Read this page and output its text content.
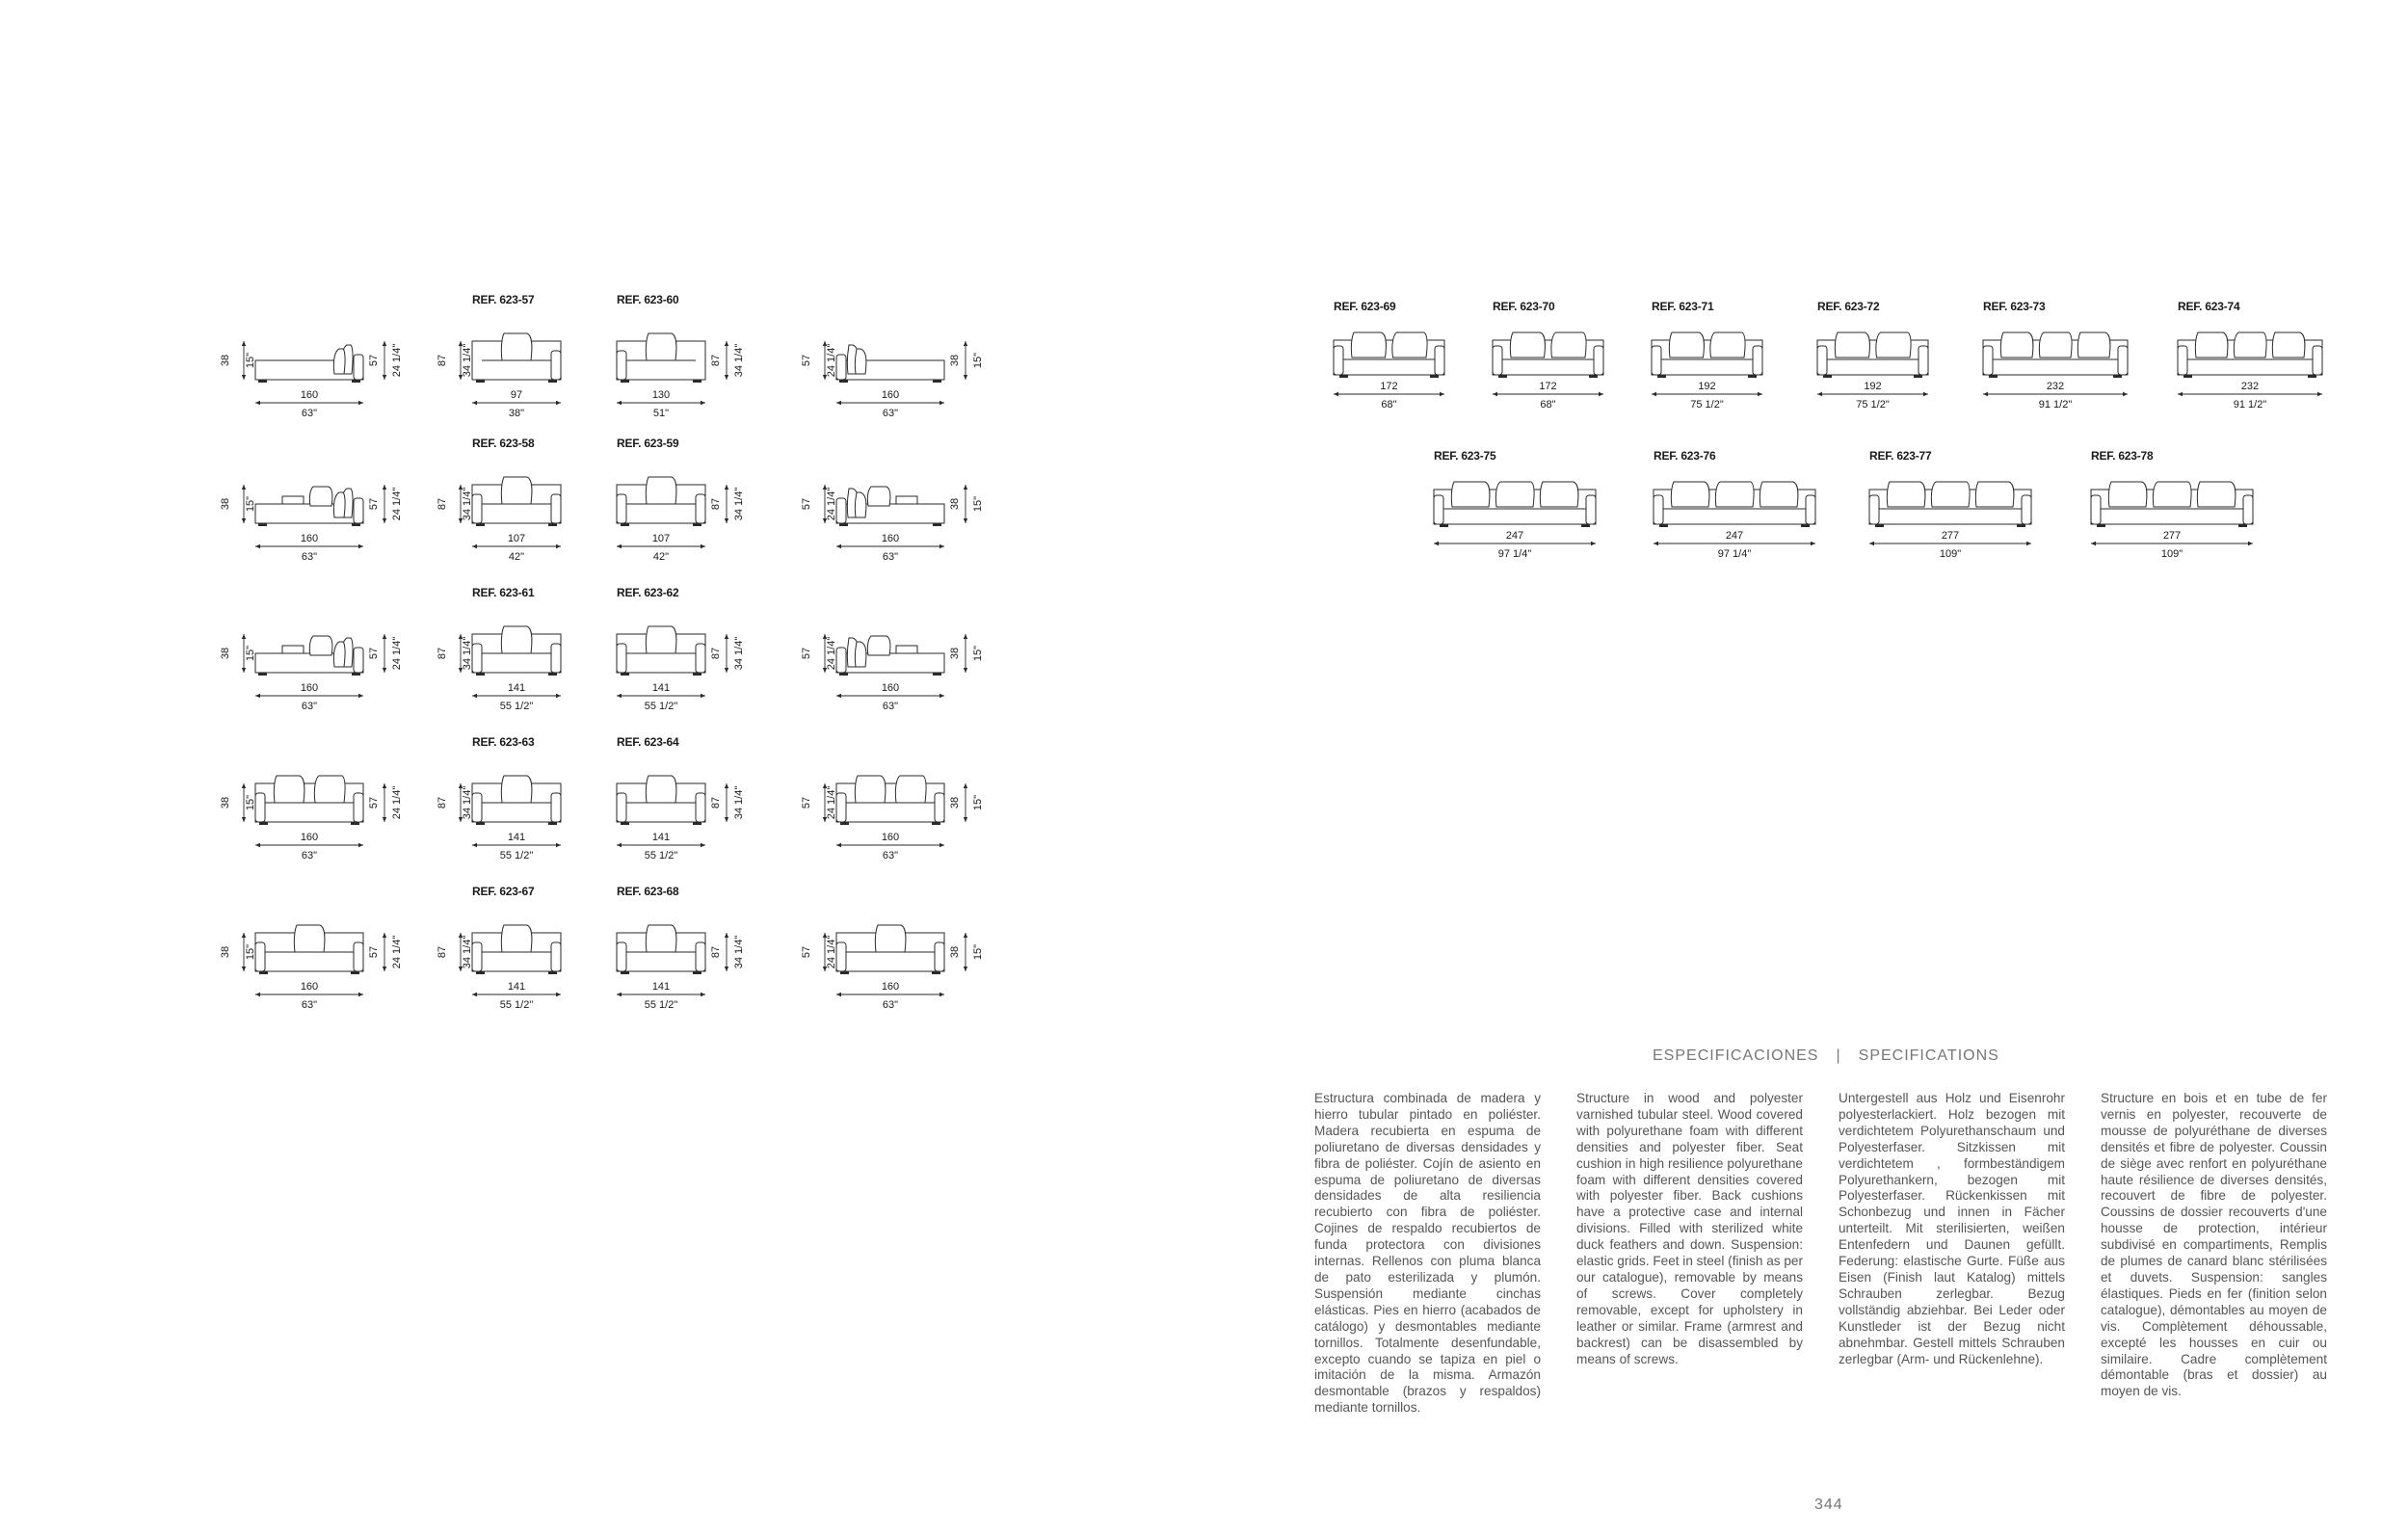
160
63"
38 15"	57 24 1/4"
REF. 623-57
97
38"
87 34 1/4"
REF. 623-60
130
51"
87 34 1/4"
160
63"
57 24 1/4"	38 15"
160
63"
38 15"	57 24 1/4"
REF. 623-58
107
42"
87 34 1/4"
REF. 623-59
107
42"
87 34 1/4"
160
63"
57 24 1/4"	38 15"
160
63"
38 15"	57 24 1/4"
REF. 623-61
141
55 1/2"
87 34 1/4"
REF. 623-62
141
55 1/2"
87 34 1/4"
160
63"
57 24 1/4"	38 15"
160
63"
38 15"	57 24 1/4"
REF. 623-63
141
55 1/2"
87 34 1/4"
REF. 623-64
141
55 1/2"
87 34 1/4"
160
63"
57 24 1/4"	38 15"
160
63"
38 15"	57 24 1/4"
REF. 623-67
141
55 1/2"
87 34 1/4"
REF. 623-68
141
55 1/2"
87 34 1/4"
160
63"
57 24 1/4"	38 15"
REF. 623-69
172
68"
REF. 623-70
172
68"
REF. 623-71
192
75 1/2"
REF. 623-72
192
75 1/2"
REF. 623-73
232
91 1/2"
REF. 623-74
232
91 1/2"
REF. 623-75
247
97 1/4"
REF. 623-76
247
97 1/4"
REF. 623-77
277
109"
REF. 623-78
277
109"
ESPECIFICACIONES | SPECIFICATIONS

Estructura combinada de madera y hierro tubular pintado en poliéster. Madera recubierta en espuma de poliuretano de diversas densidades y fibra de poliéster. Cojín de asiento en espuma de poliuretano de diversas densidades de alta resiliencia recubierto con fibra de poliéster. Cojines de respaldo recubiertos de funda protectora con divisiones internas. Rellenos con pluma blanca de pato esterilizada y plumón. Suspensión mediante cinchas elásticas. Pies en hierro (acabados de catálogo) y desmontables mediante tornillos. Totalmente desenfundable, excepto cuando se tapiza en piel o imitación de la misma. Armazón desmontable (brazos y respaldos) mediante tornillos.

Structure in wood and polyester varnished tubular steel. Wood covered with polyurethane foam with different densities and polyester fiber. Seat cushion in high resilience polyurethane foam with different densities covered with polyester fiber. Back cushions have a protective case and internal divisions. Filled with sterilized white duck feathers and down. Suspension: elastic grids. Feet in steel (finish as per our catalogue), removable by means of screws. Cover completely removable, except for upholstery in leather or similar. Frame (armrest and backrest) can be disassembled by means of screws.

Untergestell aus Holz und Eisenrohr polyesterlackiert. Holz bezogen mit verdichtetem Polyurethanschaum und Polyesterfaser. Sitzkissen mit verdichtetem , formbeständigem Polyurethankern, bezogen mit Polyesterfaser. Rückenkissen mit Schonbezug und innen in Fächer unterteilt. Mit sterilisierten, weißen Entenfedern und Daunen gefüllt. Federung: elastische Gurte. Füße aus Eisen (Finish laut Katalog) mittels Schrauben zerlegbar. Bezug vollständig abziehbar. Bei Leder oder Kunstleder ist der Bezug nicht abnehmbar. Gestell mittels Schrauben zerlegbar (Arm- und Rückenlehne).

Structure en bois et en tube de fer vernis en polyester, recouverte de mousse de polyuréthane de diverses densités et fibre de polyester. Coussin de siège avec renfort en polyuréthane haute résilience de diverses densités, recouvert de fibre de polyester. Coussins de dossier recouverts d'une housse de protection, intérieur subdivisé en compartiments, Remplis de plumes de canard blanc stérilisées et duvets. Suspension: sangles élastiques. Pieds en fer (finition selon catalogue), démontables au moyen de vis. Complètement déhoussable, excepté les housses en cuir ou similaire. Cadre complètement démontable (bras et dossier) au moyen de vis.

344
